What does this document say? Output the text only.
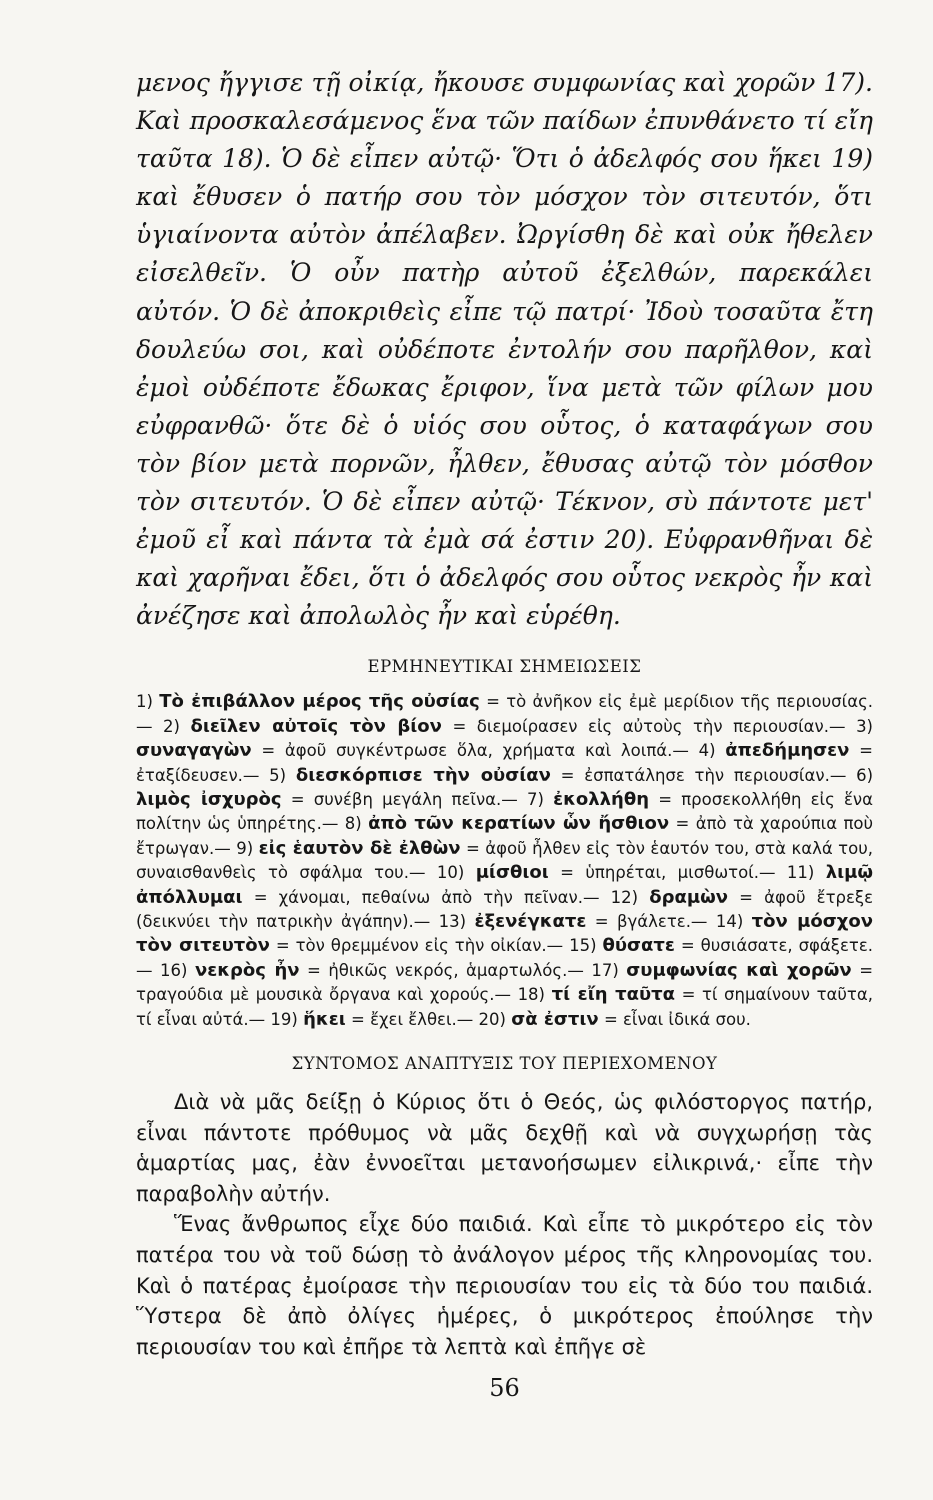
μενος ἤγγισε τῇ οἰκίᾳ, ἤκουσε συμφωνίας καὶ χορῶν 17). Καὶ προσκαλεσάμενος ἕνα τῶν παίδων ἐπυνθάνετο τί εἴη ταῦτα 18). Ὁ δὲ εἶπεν αὐτῷ· Ὅτι ὁ ἀδελφός σου ἥκει 19) καὶ ἔθυσεν ὁ πατήρ σου τὸν μόσχον τὸν σιτευτόν, ὅτι ὑγιαίνοντα αὐτὸν ἀπέλαβεν. Ὠργίσθη δὲ καὶ οὐκ ἤθελεν εἰσελθεῖν. Ὁ οὖν πατὴρ αὐτοῦ ἐξελθών, παρεκάλει αὐτόν. Ὁ δὲ ἀποκριθεὶς εἶπε τῷ πατρί· Ἰδοὺ τοσαῦτα ἔτη δουλεύω σοι, καὶ οὐδέποτε ἐντολήν σου παρῆλθον, καὶ ἐμοὶ οὐδέποτε ἔδωκας ἔριφον, ἵνα μετὰ τῶν φίλων μου εὐφρανθῶ· ὅτε δὲ ὁ υἱός σου οὗτος, ὁ καταφάγων σου τὸν βίον μετὰ πορνῶν, ἦλθεν, ἔθυσας αὐτῷ τὸν μόσθον τὸν σιτευτόν. Ὁ δὲ εἶπεν αὐτῷ· Τέκνον, σὺ πάντοτε μετ' ἐμοῦ εἶ καὶ πάντα τὰ ἐμὰ σά ἐστιν 20). Εὐφρανθῆναι δὲ καὶ χαρῆναι ἔδει, ὅτι ὁ ἀδελφός σου οὗτος νεκρὸς ἦν καὶ ἀνέζησε καὶ ἀπολωλὸς ἦν καὶ εὑρέθη.

ΕΡΜΗΝΕΥΤΙΚΑΙ ΣΗΜΕΙΩΣΕΙΣ
1) Τὸ ἐπιβάλλον μέρος τῆς οὐσίας = τὸ ἀνῆκον εἰς ἐμὲ μερίδιον τῆς περιουσίας.— 2) διεῖλεν αὐτοῖς τὸν βίον = διεμοίρασεν εἰς αὐτοὺς τὴν περιουσίαν.— 3) συναγαγὼν = ἀφοῦ συγκέντρωσε ὅλα, χρήματα καὶ λοιπά.— 4) ἀπεδήμησεν = ἐταξίδευσεν.— 5) διεσκόρπισε τὴν οὐσίαν = ἐσπατάλησε τὴν περιουσίαν.— 6) λιμὸς ἰσχυρὸς = συνέβη μεγάλη πεῖνα.— 7) ἐκολλήθη = προσεκολλήθη εἰς ἕνα πολίτην ὡς ὑπηρέτης.— 8) ἀπὸ τῶν κερατίων ὧν ἤσθιον = ἀπὸ τὰ χαρούπια ποὺ ἔτρωγαν.— 9) εἰς ἑαυτὸν δὲ ἐλθὼν = ἀφοῦ ἦλθεν εἰς τὸν ἑαυτόν του, στὰ καλά του, συναισθανθεὶς τὸ σφάλμα του.— 10) μίσθιοι = ὑπηρέται, μισθωτοί.— 11) λιμῷ ἀπόλλυμαι = χάνομαι, πεθαίνω ἀπὸ τὴν πεῖναν.— 12) δραμὼν = ἀφοῦ ἔτρεξε (δεικνύει τὴν πατρικὴν ἀγάπην).— 13) ἐξενέγκατε = βγάλετε.— 14) τὸν μόσχον τὸν σιτευτὸν = τὸν θρεμμένον εἰς τὴν οἰκίαν.— 15) θύσατε = θυσιάσατε, σφάξετε.— 16) νεκρὸς ἦν = ἠθικῶς νεκρός, ἁμαρτωλός.— 17) συμφωνίας καὶ χορῶν = τραγούδια μὲ μουσικὰ ὄργανα καὶ χορούς.— 18) τί εἴη ταῦτα = τί σημαίνουν ταῦτα, τί εἶναι αὐτά.— 19) ἥκει = ἔχει ἔλθει.— 20) σὰ ἐστιν = εἶναι ἰδικά σου.
ΣΥΝΤΟΜΟΣ ΑΝΑΠΤΥΞΙΣ ΤΟΥ ΠΕΡΙΕΧΟΜΕΝΟΥ

Διὰ νὰ μᾶς δείξῃ ὁ Κύριος ὅτι ὁ Θεός, ὡς φιλόστοργος πατήρ, εἶναι πάντοτε πρόθυμος νὰ μᾶς δεχθῇ καὶ νὰ συγχωρήσῃ τὰς ἁμαρτίας μας, ἐὰν ἐννοεῖται μετανοήσωμεν εἰλικρινά,· εἶπε τὴν παραβολὴν αὐτήν.

Ἕνας ἄνθρωπος εἶχε δύο παιδιά. Καὶ εἶπε τὸ μικρότερο εἰς τὸν πατέρα του νὰ τοῦ δώσῃ τὸ ἀνάλογον μέρος τῆς κληρονομίας του. Καὶ ὁ πατέρας ἐμοίρασε τὴν περιουσίαν του εἰς τὰ δύο του παιδιά. Ὕστερα δὲ ἀπὸ ὀλίγες ἡμέρες, ὁ μικρότερος ἐπούλησε τὴν περιουσίαν του καὶ ἐπῆρε τὰ λεπτὰ καὶ ἐπῆγε σὲ

56
